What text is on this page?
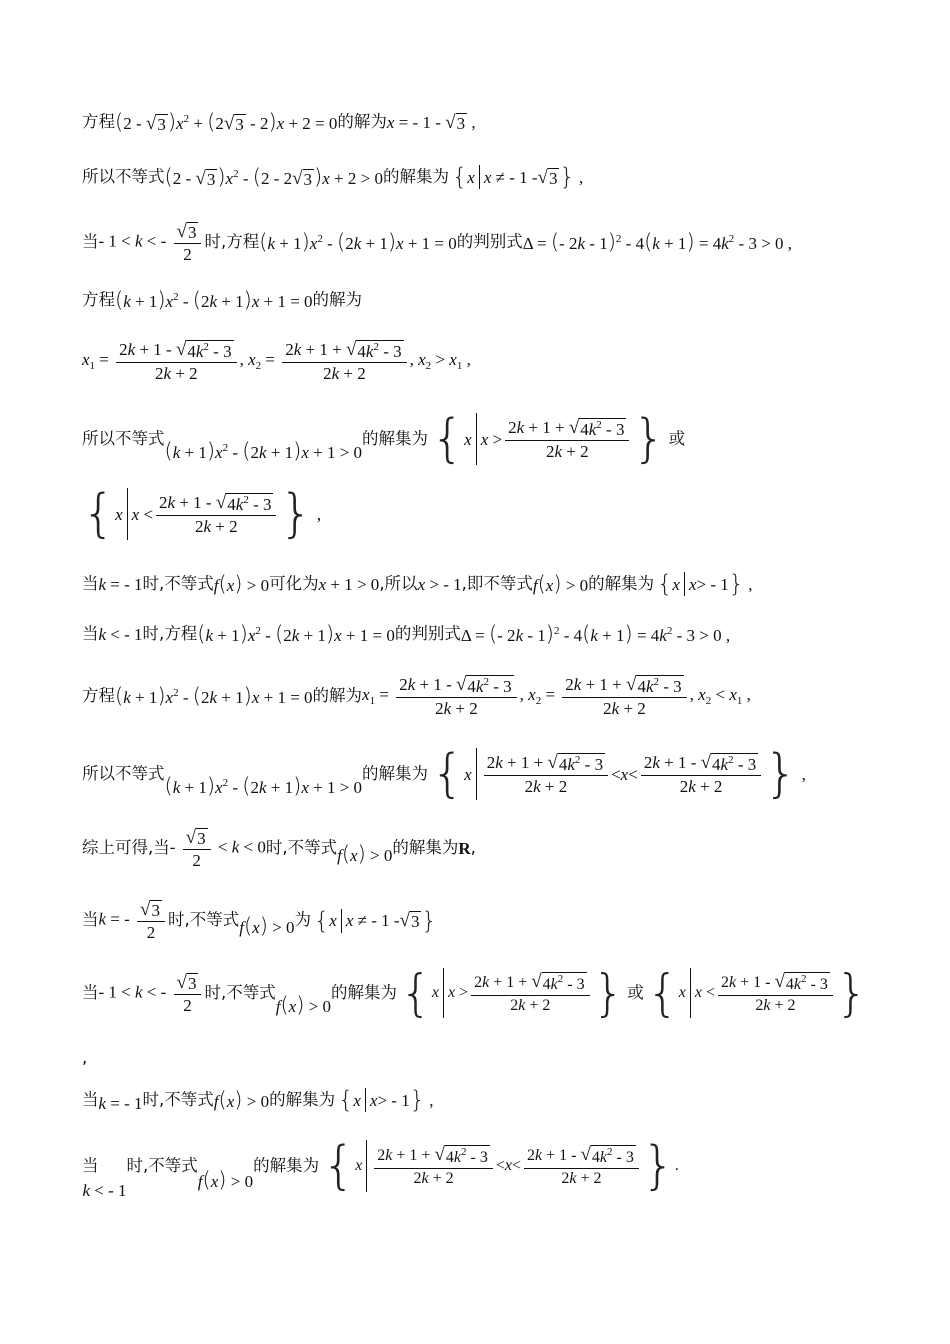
方程 (2 - √ 3 )$x^2 + (2$ √ 3 - 2)x + 2 = 0 的解为 x = - 1 - √ 3 ,
所以不等式 (2 - √ 3 )$x^2 - (2 - 2$ √ 3 )x + 2 > 0 的解集为 { x x ≠ - 1 - √ 3 } ,
当 - 1 < k < - $\frac{√ 3}{2}$ 时,方程 $(k + 1)x^2 - (2k + 1)x + 1 = 0$ 的判别式 Δ = (- $2k - 1)^2 - 4(k + 1) = 4k^2 - 3 > 0$ ,
方程 $(k + 1)x^2 - (2k + 1)x + 1 = 0$ 的解为
$x_1 = \frac{2k + 1 - √ 4k^2 - 3}{2k + 2}$ , $x_2 = \frac{2k + 1 + √ 4k^2 - 3}{2k + 2}$ , $x_2 > x_1$ ,
所以不等式
$(k + 1)x^2 - (2k + 1)x + 1 > 0$
的解集为 { x $x > \frac{2k + 1 + √ 4k^2 - 3}{2k + 2}$ } 或
{ x $x < \frac{2k + 1 - √ 4k^2 - 3}{2k + 2}$ } ,
当 k = - 1 时,不等式 f(x) > 0 可化为 x + 1 > 0 ,所以 x > - 1 ,即不等式 f(x) > 0 的解集为 { x x > - 1 } ,
当 k < - 1 时,方程 $(k + 1)x^2 - (2k + 1)x + 1 = 0$ 的判别式 Δ = (- $2k - 1)^2 - 4(k + 1) = 4k^2 - 3 > 0$ ,
方程 $(k + 1)x^2 - (2k + 1)x + 1 = 0$ 的解为 $x_1 = \frac{2k + 1 - √ 4k^2 - 3}{2k + 2}$ , $x_2 = \frac{2k + 1 + √ 4k^2 - 3}{2k + 2}$ , $x_2 < x_1$ ,
所以不等式
$(k + 1)x^2 - (2k + 1)x + 1 > 0$
的解集为 { x $\frac{2k + 1 + √ 4k^2 - 3}{2k + 2} < x < \frac{2k + 1 - √ 4k^2 - 3}{2k + 2}$ } ,
综上可得,当 - $\frac{√ 3}{2} < k < 0$ 时,不等式 f(x) > 0 的解集为 R ,
当 k = - $\frac{√ 3}{2}$ 时,不等式 f(x) > 0 为 { x x ≠ - 1 - √ 3 }
当 - 1 < k < - $\frac{√ 3}{2}$ 时,不等式
f(x) > 0
的解集为 { x $x > \frac{2k + 1 + √ 4k^2 - 3}{2k + 2}$ } 或 { x $x < \frac{2k + 1 - √ 4k^2 - 3}{2k + 2}$ }
,
当 k = - 1 时,不等式 f(x) > 0 的解集为 { x x > - 1 } ,
当
k < - 1
时,不等式
f(x) > 0
的解集为 { x $\frac{2k + 1 + √ 4k^2 - 3}{2k + 2} < x < \frac{2k + 1 - √ 4k^2 - 3}{2k + 2}$ } .
